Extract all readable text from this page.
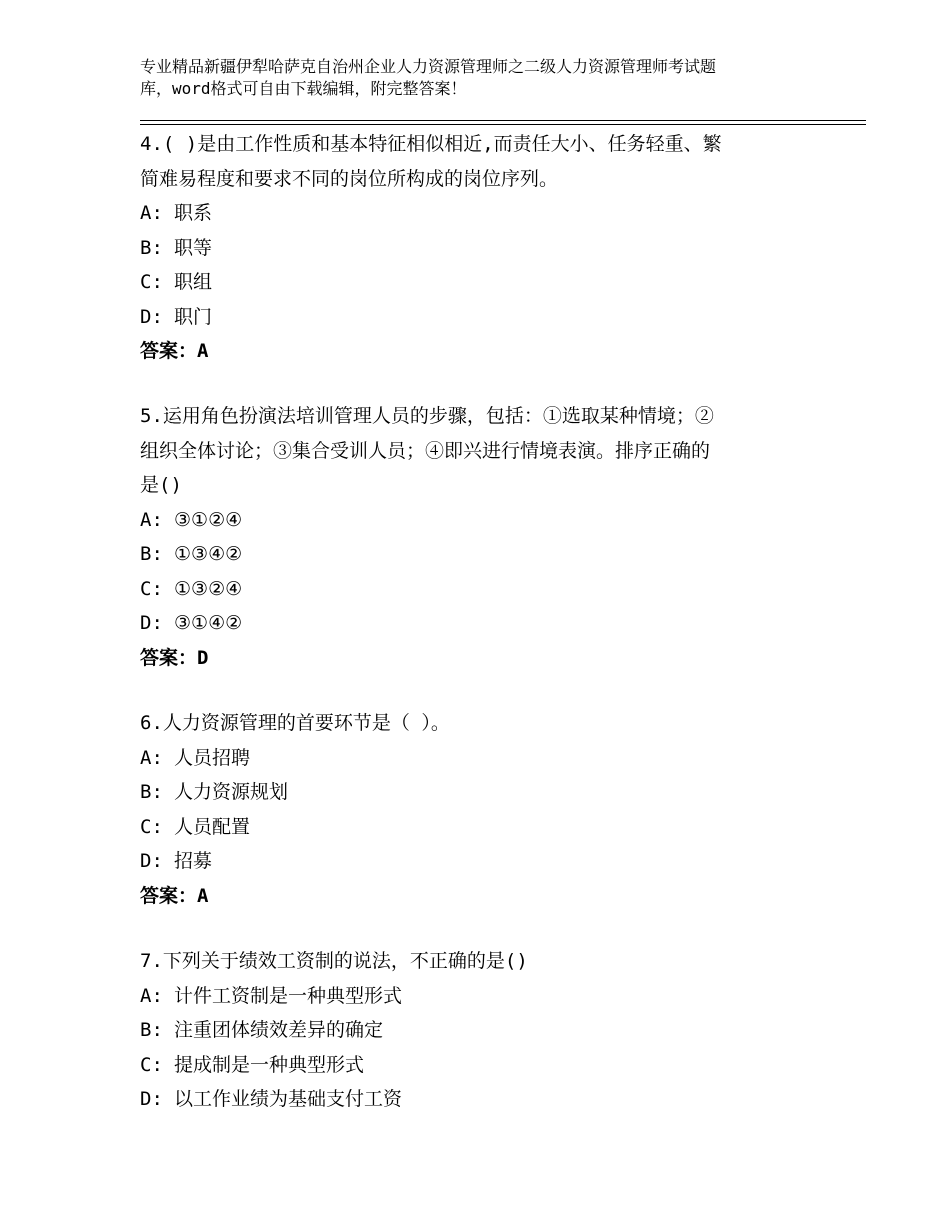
专业精品新疆伊犁哈萨克自治州企业人力资源管理师之二级人力资源管理师考试题
库，word格式可自由下载编辑，附完整答案！
4.( )是由工作性质和基本特征相似相近,而责任大小、任务轻重、繁
简难易程度和要求不同的岗位所构成的岗位序列。
A: 职系
B: 职等
C: 职组
D: 职门
答案：A
5.运用角色扮演法培训管理人员的步骤，包括：①选取某种情境；②
组织全体讨论；③集合受训人员；④即兴进行情境表演。排序正确的
是()
A: ③①②④
B: ①③④②
C: ①③②④
D: ③①④②
答案：D
6.人力资源管理的首要环节是（ ）。
A: 人员招聘
B: 人力资源规划
C: 人员配置
D: 招募
答案：A
7.下列关于绩效工资制的说法，不正确的是()
A: 计件工资制是一种典型形式
B: 注重团体绩效差异的确定
C: 提成制是一种典型形式
D: 以工作业绩为基础支付工资
